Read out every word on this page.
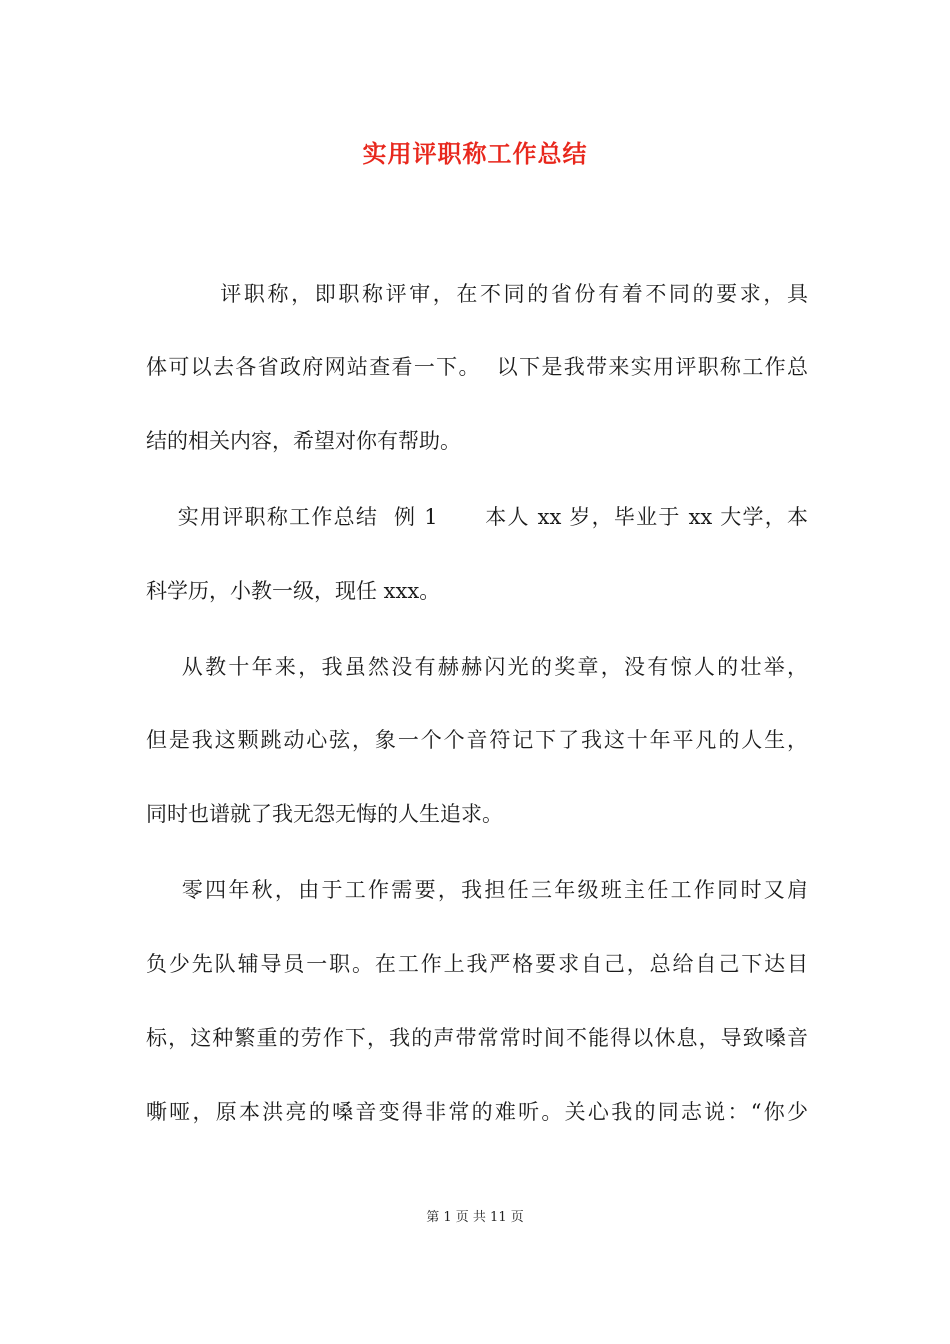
实用评职称工作总结
评职称，即职称评审，在不同的省份有着不同的要求，具
体可以去各省政府网站查看一下。  以下是我带来实用评职称工作总
结的相关内容，希望对你有帮助。
实用评职称工作总结  例 1      本人 xx 岁，毕业于 xx 大学，本
科学历，小教一级，现任 xxx。
从教十年来，我虽然没有赫赫闪光的奖章，没有惊人的壮举，
但是我这颗跳动心弦，象一个个音符记下了我这十年平凡的人生，
同时也谱就了我无怨无悔的人生追求。
零四年秋，由于工作需要，我担任三年级班主任工作同时又肩
负少先队辅导员一职。在工作上我严格要求自己，总给自己下达目
标，这种繁重的劳作下，我的声带常常时间不能得以休息，导致嗓音
嘶哑，原本洪亮的嗓音变得非常的难听。关心我的同志说：“你少
第 1 页 共 11 页
